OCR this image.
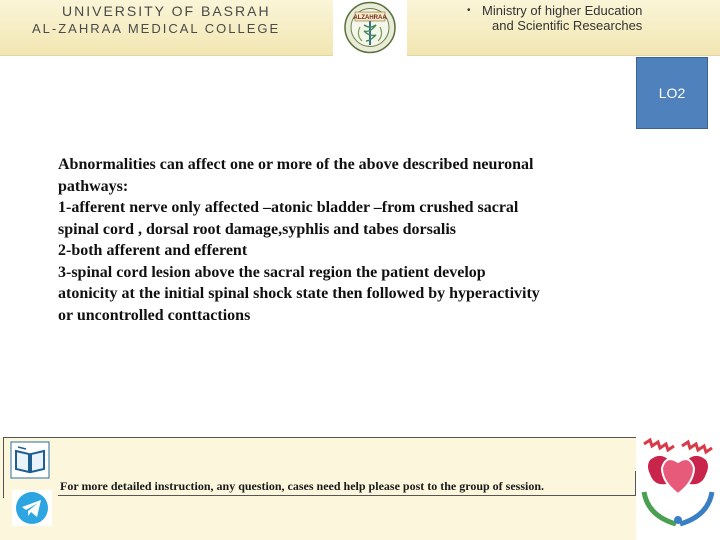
UNIVERSITY OF BASRAH
AL-ZAHRAA MEDICAL COLLEGE
ALZAHRAA
• Ministry of higher Education
and Scientific Researches
LO2
Abnormalities can affect one or more of the above described neuronal
pathways:
1-afferent nerve only affected –atonic bladder –from crushed sacral
spinal cord , dorsal root damage,syphlis and tabes dorsalis
2-both afferent and efferent
3-spinal cord lesion above the sacral region the patient develop
atonicity at the initial spinal shock state then followed by hyperactivity
or uncontrolled conttactions
For more detailed instruction, any question, cases need help please post to the group of session.
